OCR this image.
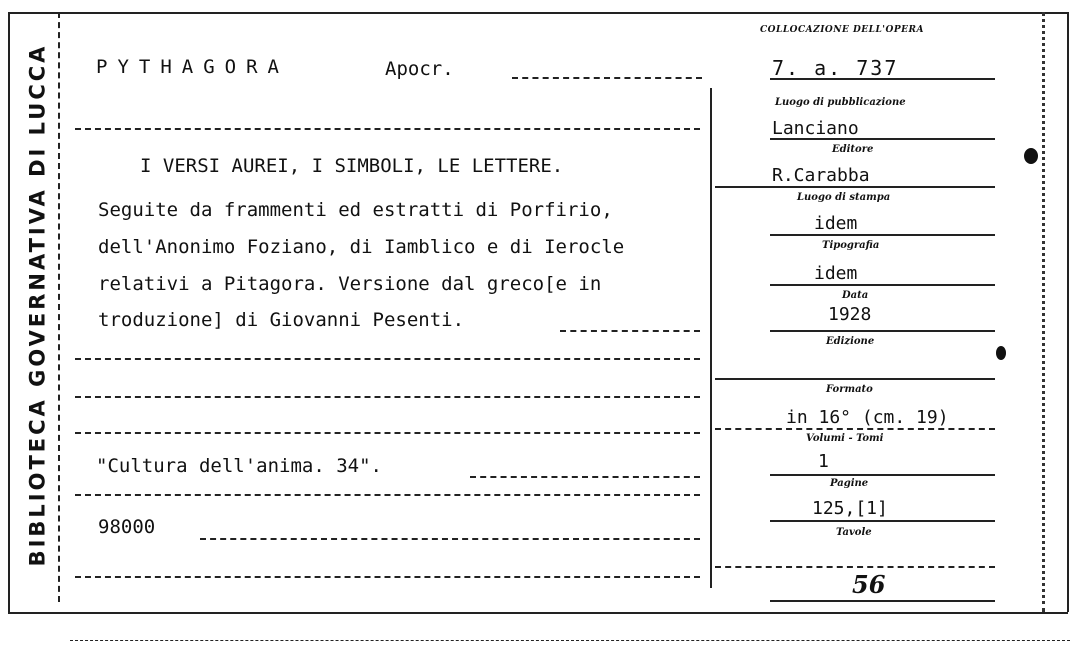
BIBLIOTECA GOVERNATIVA DI LUCCA
COLLOCAZIONE DELL'OPERA
PYTHAGORA	Apocr.	7. a. 737
I VERSI AUREI, I SIMBOLI, LE LETTERE.
Seguite da frammenti ed estratti di Porfirio,
dell'Anonimo Foziano, di Iamblico e di Ierocle
relativi a Pitagora. Versione dal greco[e in
troduzione] di Giovanni Pesenti.
"Cultura dell'anima. 34".
98000
Luogo di pubblicazione
Lanciano
Editore
R.Carabba
Luogo di stampa
idem
Tipografia
idem
Data
1928
Edizione
Formato
in 16° (cm. 19)
Volumi - Tomi
1
Pagine
125,[1]
Tavole
56
